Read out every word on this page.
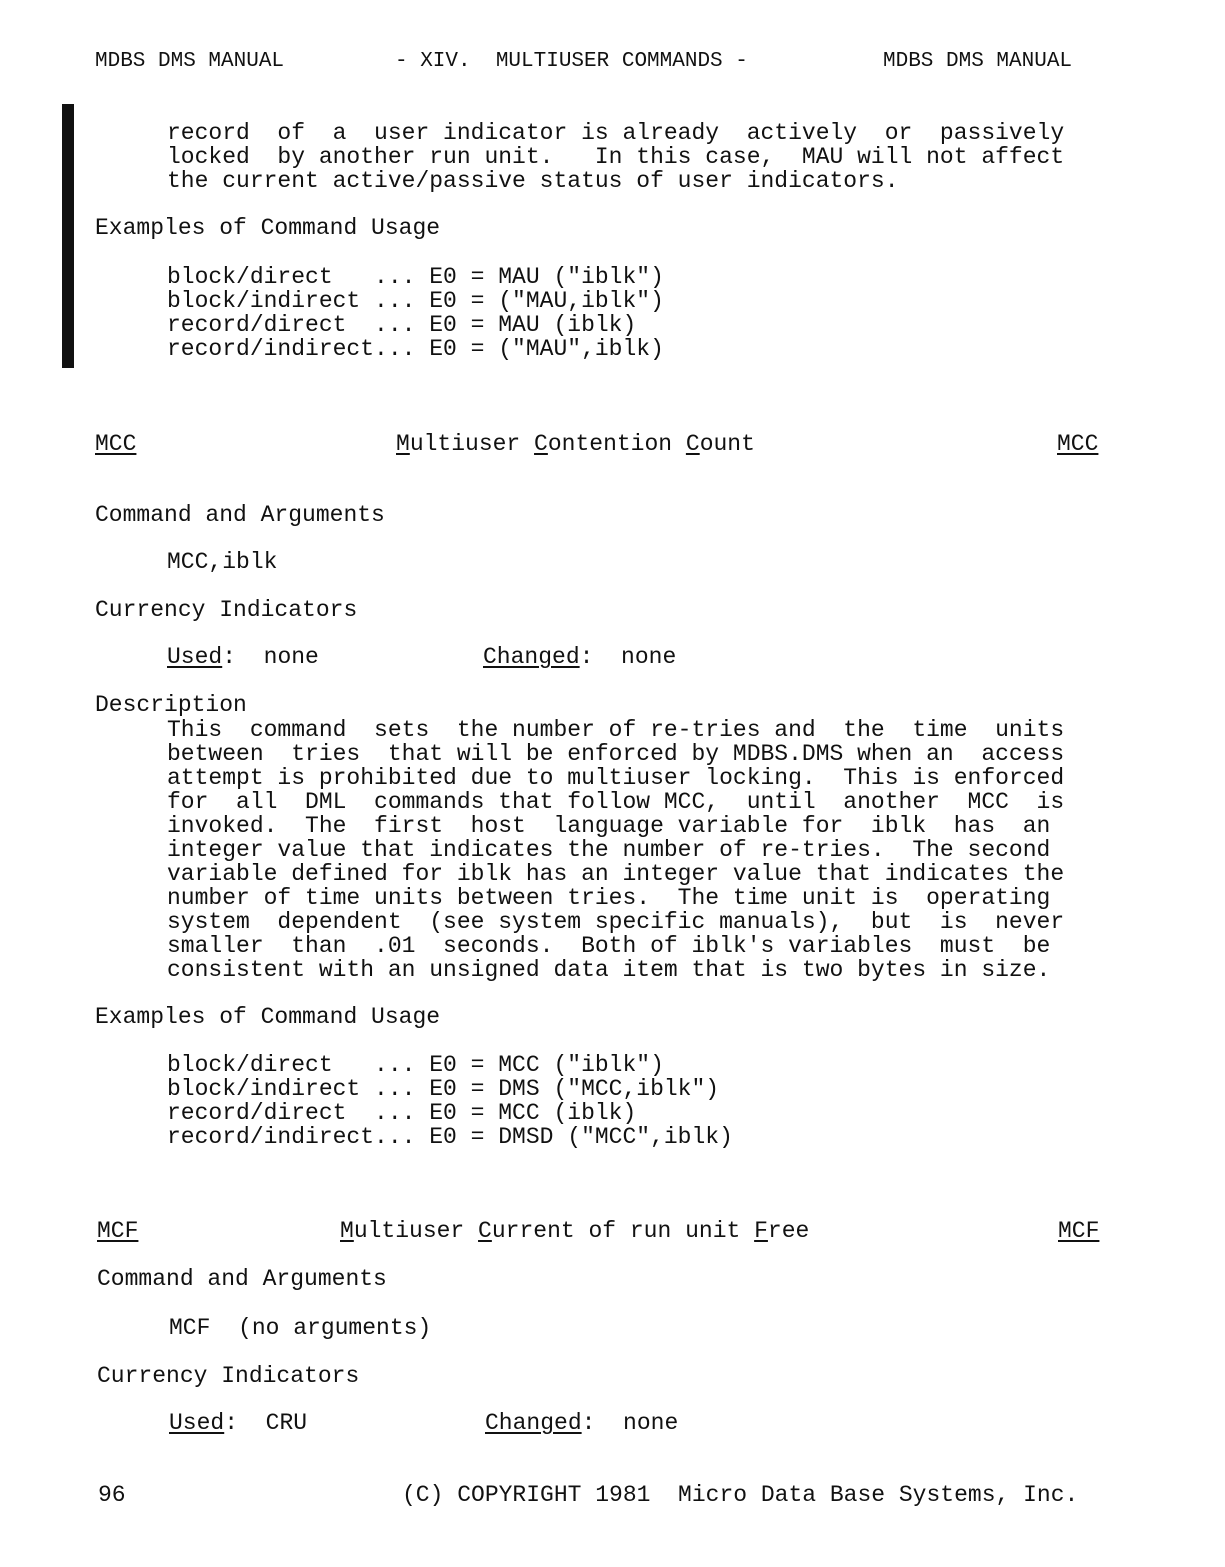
MDBS DMS MANUAL	- XIV.  MULTIUSER COMMANDS -	MDBS DMS MANUAL
record  of  a  user indicator is already  actively  or  passively
locked  by another run unit.   In this case,  MAU will not affect
the current active/passive status of user indicators.
Examples of Command Usage
block/direct   ... E0 = MAU ("iblk")
block/indirect ... E0 = ("MAU,iblk")
record/direct  ... E0 = MAU (iblk)
record/indirect... E0 = ("MAU",iblk)
MCC	Multiuser Contention Count	MCC
Command and Arguments
MCC,iblk
Currency Indicators
Used:  none	Changed:  none
Description
This  command  sets  the number of re-tries and  the  time  units
between  tries  that will be enforced by MDBS.DMS when an  access
attempt is prohibited due to multiuser locking.  This is enforced
for  all  DML  commands that follow MCC,  until  another  MCC  is
invoked.  The  first  host  language variable for  iblk  has  an
integer value that indicates the number of re-tries.  The second
variable defined for iblk has an integer value that indicates the
number of time units between tries.  The time unit is  operating
system  dependent  (see system specific manuals),  but  is  never
smaller  than  .01  seconds.  Both of iblk's variables  must  be
consistent with an unsigned data item that is two bytes in size.
Examples of Command Usage
block/direct   ... E0 = MCC ("iblk")
block/indirect ... E0 = DMS ("MCC,iblk")
record/direct  ... E0 = MCC (iblk)
record/indirect... E0 = DMSD ("MCC",iblk)
MCF	Multiuser Current of run unit Free	MCF
Command and Arguments
MCF  (no arguments)
Currency Indicators
Used:  CRU	Changed:  none
96	(C) COPYRIGHT 1981  Micro Data Base Systems, Inc.
